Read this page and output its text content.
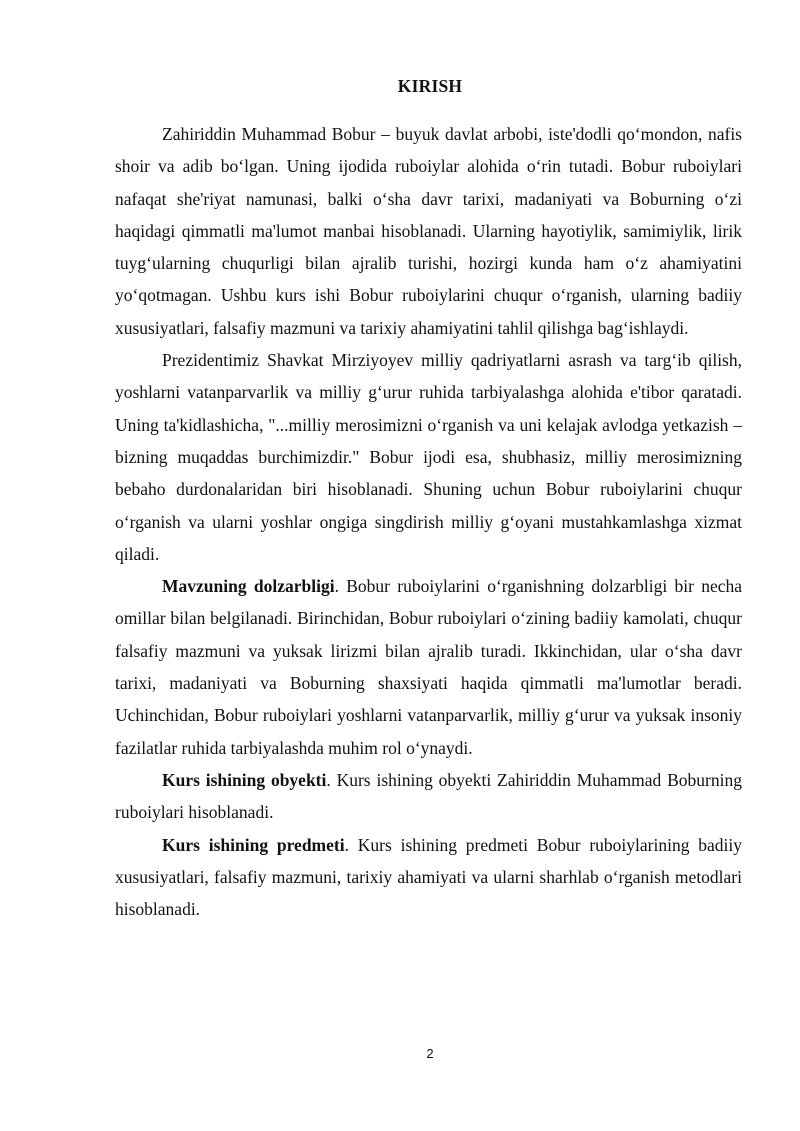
KIRISH

Zahiriddin Muhammad Bobur – buyuk davlat arbobi, iste'dodli qoʻmondon, nafis shoir va adib boʻlgan. Uning ijodida ruboiylar alohida oʻrin tutadi. Bobur ruboiylari nafaqat she'riyat namunasi, balki oʻsha davr tarixi, madaniyati va Boburning oʻzi haqidagi qimmatli ma'lumot manbai hisoblanadi. Ularning hayotiylik, samimiylik, lirik tuygʻularning chuqurligi bilan ajralib turishi, hozirgi kunda ham oʻz ahamiyatini yoʻqotmagan. Ushbu kurs ishi Bobur ruboiylarini chuqur oʻrganish, ularning badiiy xususiyatlari, falsafiy mazmuni va tarixiy ahamiyatini tahlil qilishga bagʻishlaydi.

Prezidentimiz Shavkat Mirziyoyev milliy qadriyatlarni asrash va targʻib qilish, yoshlarni vatanparvarlik va milliy gʻurur ruhida tarbiyalashga alohida e'tibor qaratadi. Uning ta'kidlashicha, "...milliy merosimizni oʻrganish va uni kelajak avlodga yetkazish – bizning muqaddas burchimizdir." Bobur ijodi esa, shubhasiz, milliy merosimizning bebaho durdonalaridan biri hisoblanadi. Shuning uchun Bobur ruboiylarini chuqur oʻrganish va ularni yoshlar ongiga singdirish milliy gʻoyani mustahkamlashga xizmat qiladi.

Mavzuning dolzarbligi. Bobur ruboiylarini oʻrganishning dolzarbligi bir necha omillar bilan belgilanadi. Birinchidan, Bobur ruboiylari oʻzining badiiy kamolati, chuqur falsafiy mazmuni va yuksak lirizmi bilan ajralib turadi. Ikkinchidan, ular oʻsha davr tarixi, madaniyati va Boburning shaxsiyati haqida qimmatli ma'lumotlar beradi. Uchinchidan, Bobur ruboiylari yoshlarni vatanparvarlik, milliy gʻurur va yuksak insoniy fazilatlar ruhida tarbiyalashda muhim rol oʻynaydi.

Kurs ishining obyekti. Kurs ishining obyekti Zahiriddin Muhammad Boburning ruboiylari hisoblanadi.

Kurs ishining predmeti. Kurs ishining predmeti Bobur ruboiylarining badiiy xususiyatlari, falsafiy mazmuni, tarixiy ahamiyati va ularni sharhlab oʻrganish metodlari hisoblanadi.

2
